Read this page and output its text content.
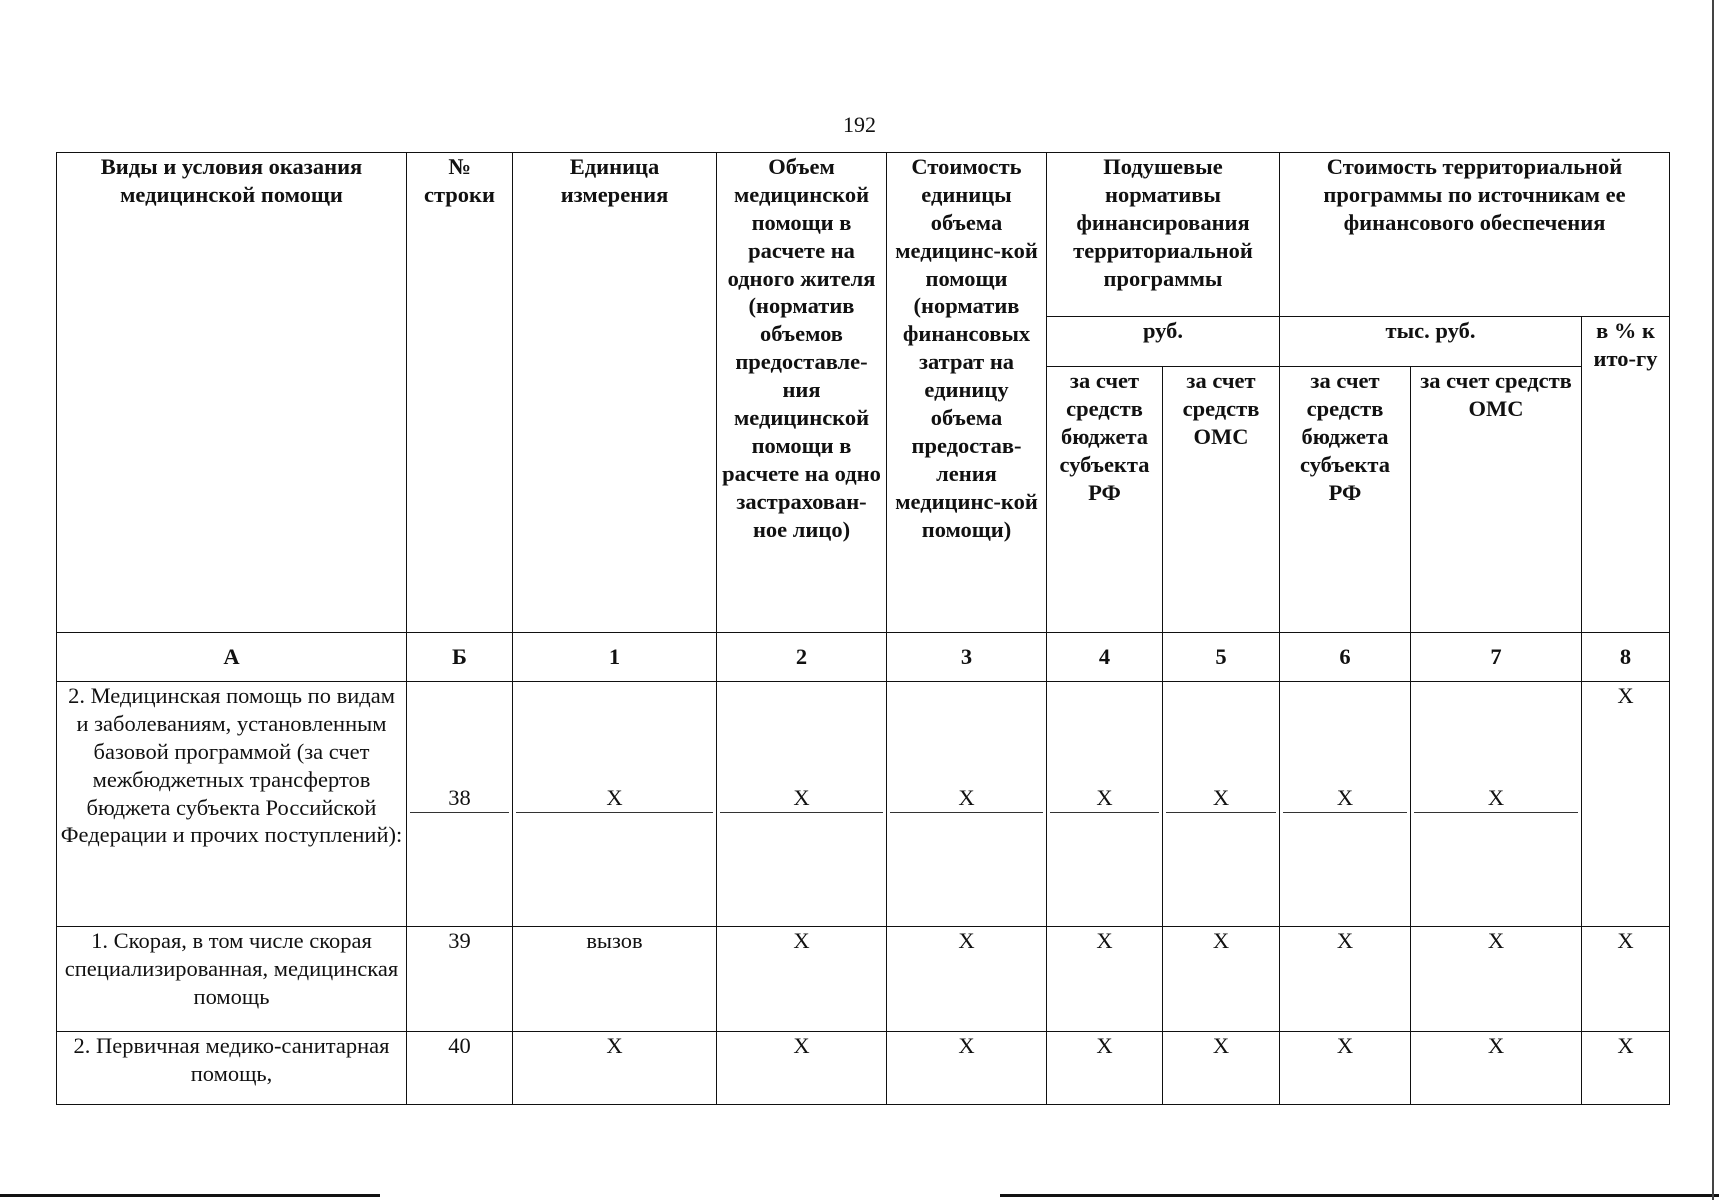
192
Виды и условия оказания медицинской помощи	№ строки	Единица измерения	Объем медицинской помощи в расчете на одного жителя (норматив объемов предоставле-ния медицинской помощи в расчете на одно застрахован-ное лицо)	Стоимость единицы объема медицинс-кой помощи (норматив финансовых затрат на единицу объема предостав-ления медицинс-кой помощи)	Подушевые нормативы финансирования территориальной программы		Стоимость территориальной программы по источникам ее финансового обеспечения		
					руб.		тыс. руб.		в % к ито-гу
					за счет средств бюджета субъекта РФ	за счет средств ОМС	за счет средств бюджета субъекта РФ	за счет средств ОМС	
А	Б	1	2	3	4	5	6	7	8
2. Медицинская помощь по видам и заболеваниям, установленным базовой программой (за счет межбюджетных трансфертов бюджета субъекта Российской Федерации и прочих поступлений):	38	X	X	X	X	X	X	X	X
1. Скорая, в том числе скорая специализированная, медицинская помощь	39	вызов	X	X	X	X	X	X	X
2. Первичная медико-санитарная помощь,	40	X	X	X	X	X	X	X	X
